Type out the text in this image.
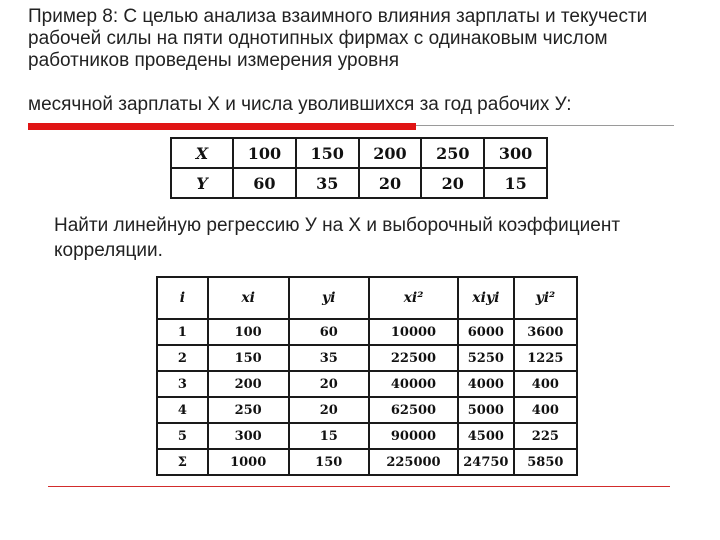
Пример 8: С целью анализа взаимного влияния зарплаты и текучести рабочей силы на пяти однотипных фирмах с одинаковым числом работников проведены измерения уровня

месячной зарплаты X и числа уволившихся за год рабочих У:

X	100	150	200	250	300
Y	60	35	20	20	15

Найти линейную регрессию У на X и выборочный коэффициент корреляции.

i	xi	yi	xi²	xiyi	yi²
1	100	60	10000	6000	3600
2	150	35	22500	5250	1225
3	200	20	40000	4000	400
4	250	20	62500	5000	400
5	300	15	90000	4500	225
Σ	1000	150	225000	24750	5850
